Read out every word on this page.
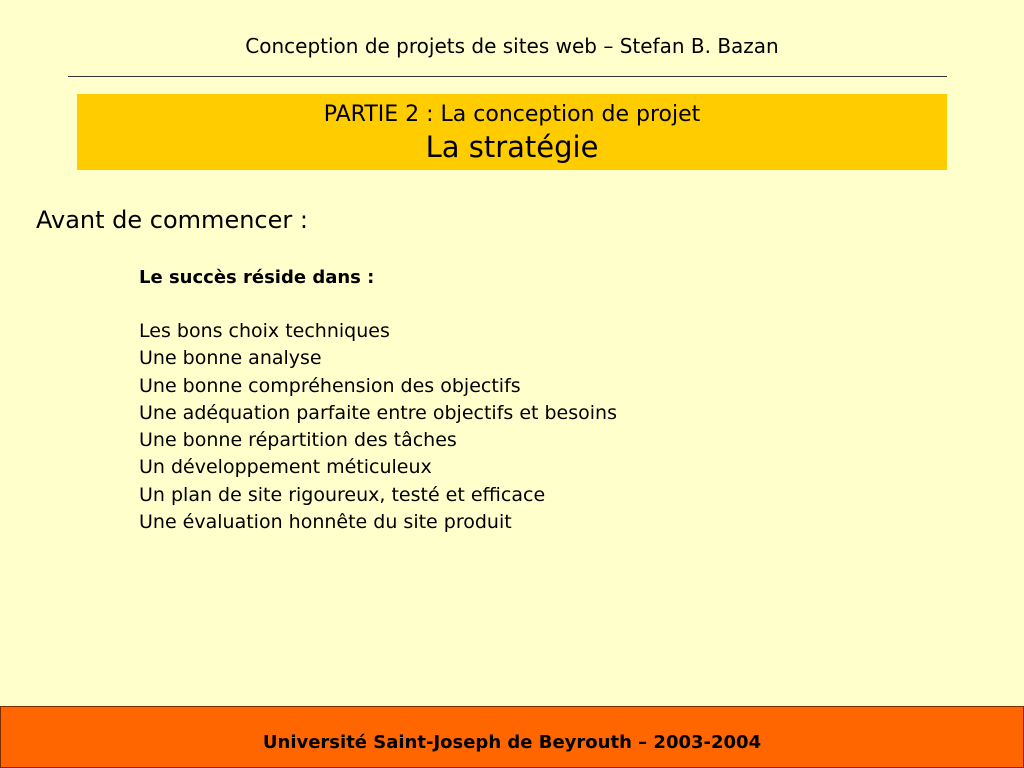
Conception de projets de sites web – Stefan B. Bazan
PARTIE 2 : La conception de projet
La stratégie
Avant de commencer :
Le succès réside dans :
Les bons choix techniques
Une bonne analyse
Une bonne compréhension des objectifs
Une adéquation parfaite entre objectifs et besoins
Une bonne répartition des tâches
Un développement méticuleux
Un plan de site rigoureux, testé et efficace
Une évaluation honnête du site produit
Université Saint-Joseph de Beyrouth – 2003-2004
